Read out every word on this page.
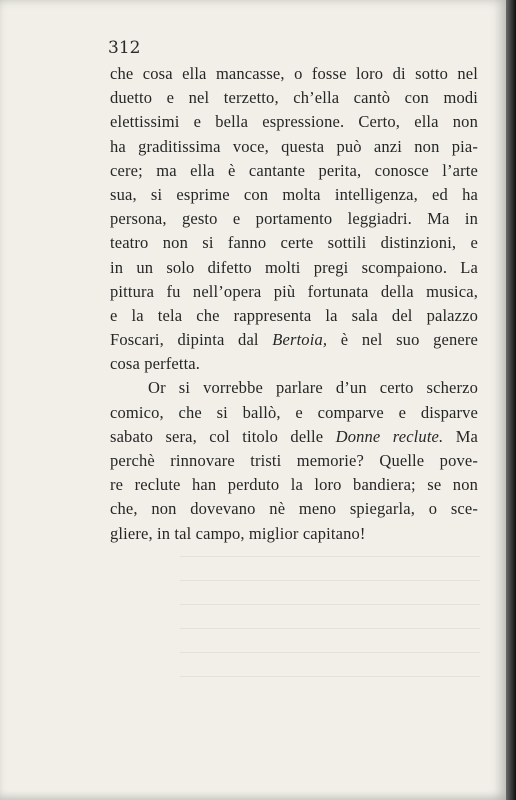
312
che cosa ella mancasse, o fosse loro di sotto nel
duetto e nel terzetto, ch’ella cantò con modi
elettissimi e bella espressione. Certo, ella non
ha graditissima voce, questa può anzi non pia-
cere; ma ella è cantante perita, conosce l’arte
sua, si esprime con molta intelligenza, ed ha
persona, gesto e portamento leggiadri. Ma in
teatro non si fanno certe sottili distinzioni, e
in un solo difetto molti pregi scompaiono. La
pittura fu nell’opera più fortunata della musica,
e la tela che rappresenta la sala del palazzo
Foscari, dipinta dal Bertoia, è nel suo genere
cosa perfetta.
Or si vorrebbe parlare d’un certo scherzo
comico, che si ballò, e comparve e disparve
sabato sera, col titolo delle Donne reclute. Ma
perchè rinnovare tristi memorie? Quelle pove-
re reclute han perduto la loro bandiera; se non
che, non dovevano nè meno spiegarla, o sce-
gliere, in tal campo, miglior capitano!
